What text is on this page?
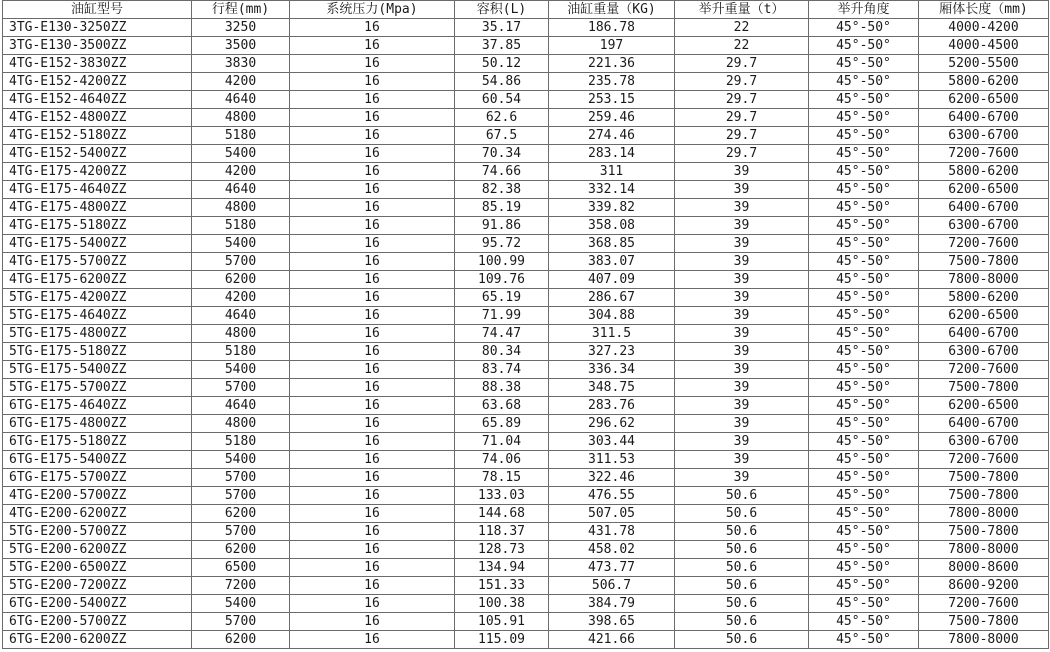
油缸型号	行程(mm)	系统压力(Mpa)	容积(L)	油缸重量（KG)	举升重量（t）	举升角度	厢体长度（mm)
3TG-E130-3250ZZ	3250	16	35.17	186.78	22	45°-50°	4000-4200
3TG-E130-3500ZZ	3500	16	37.85	197	22	45°-50°	4000-4500
4TG-E152-3830ZZ	3830	16	50.12	221.36	29.7	45°-50°	5200-5500
4TG-E152-4200ZZ	4200	16	54.86	235.78	29.7	45°-50°	5800-6200
4TG-E152-4640ZZ	4640	16	60.54	253.15	29.7	45°-50°	6200-6500
4TG-E152-4800ZZ	4800	16	62.6	259.46	29.7	45°-50°	6400-6700
4TG-E152-5180ZZ	5180	16	67.5	274.46	29.7	45°-50°	6300-6700
4TG-E152-5400ZZ	5400	16	70.34	283.14	29.7	45°-50°	7200-7600
4TG-E175-4200ZZ	4200	16	74.66	311	39	45°-50°	5800-6200
4TG-E175-4640ZZ	4640	16	82.38	332.14	39	45°-50°	6200-6500
4TG-E175-4800ZZ	4800	16	85.19	339.82	39	45°-50°	6400-6700
4TG-E175-5180ZZ	5180	16	91.86	358.08	39	45°-50°	6300-6700
4TG-E175-5400ZZ	5400	16	95.72	368.85	39	45°-50°	7200-7600
4TG-E175-5700ZZ	5700	16	100.99	383.07	39	45°-50°	7500-7800
4TG-E175-6200ZZ	6200	16	109.76	407.09	39	45°-50°	7800-8000
5TG-E175-4200ZZ	4200	16	65.19	286.67	39	45°-50°	5800-6200
5TG-E175-4640ZZ	4640	16	71.99	304.88	39	45°-50°	6200-6500
5TG-E175-4800ZZ	4800	16	74.47	311.5	39	45°-50°	6400-6700
5TG-E175-5180ZZ	5180	16	80.34	327.23	39	45°-50°	6300-6700
5TG-E175-5400ZZ	5400	16	83.74	336.34	39	45°-50°	7200-7600
5TG-E175-5700ZZ	5700	16	88.38	348.75	39	45°-50°	7500-7800
6TG-E175-4640ZZ	4640	16	63.68	283.76	39	45°-50°	6200-6500
6TG-E175-4800ZZ	4800	16	65.89	296.62	39	45°-50°	6400-6700
6TG-E175-5180ZZ	5180	16	71.04	303.44	39	45°-50°	6300-6700
6TG-E175-5400ZZ	5400	16	74.06	311.53	39	45°-50°	7200-7600
6TG-E175-5700ZZ	5700	16	78.15	322.46	39	45°-50°	7500-7800
4TG-E200-5700ZZ	5700	16	133.03	476.55	50.6	45°-50°	7500-7800
4TG-E200-6200ZZ	6200	16	144.68	507.05	50.6	45°-50°	7800-8000
5TG-E200-5700ZZ	5700	16	118.37	431.78	50.6	45°-50°	7500-7800
5TG-E200-6200ZZ	6200	16	128.73	458.02	50.6	45°-50°	7800-8000
5TG-E200-6500ZZ	6500	16	134.94	473.77	50.6	45°-50°	8000-8600
5TG-E200-7200ZZ	7200	16	151.33	506.7	50.6	45°-50°	8600-9200
6TG-E200-5400ZZ	5400	16	100.38	384.79	50.6	45°-50°	7200-7600
6TG-E200-5700ZZ	5700	16	105.91	398.65	50.6	45°-50°	7500-7800
6TG-E200-6200ZZ	6200	16	115.09	421.66	50.6	45°-50°	7800-8000
